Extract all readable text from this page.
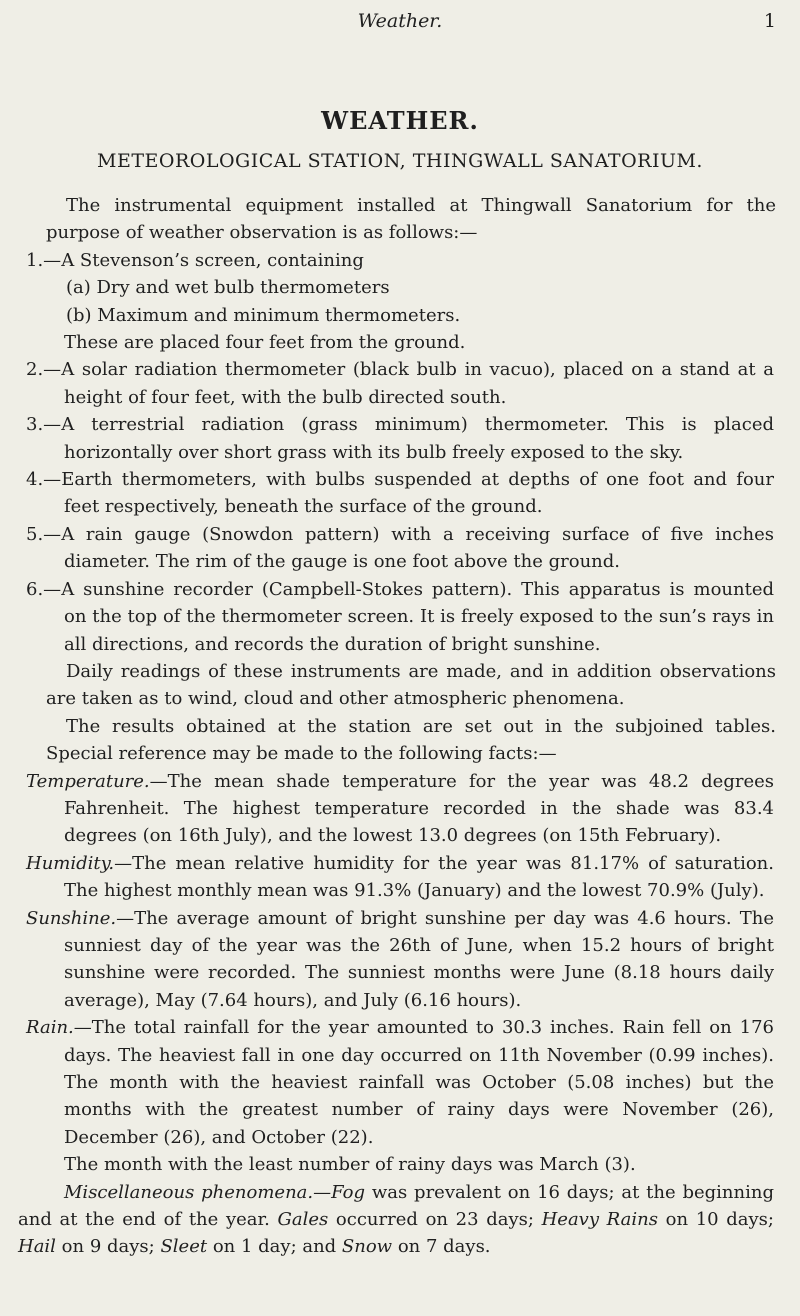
Weather.	1
WEATHER.
METEOROLOGICAL STATION, THINGWALL SANATORIUM.

The instrumental equipment installed at Thingwall Sanatorium for the purpose of weather observation is as follows:—

1.—A Stevenson’s screen, containing

(a) Dry and wet bulb thermometers

(b) Maximum and minimum thermometers.

These are placed four feet from the ground.

2.—A solar radiation thermometer (black bulb in vacuo), placed on a stand at a height of four feet, with the bulb directed south.

3.—A terrestrial radiation (grass minimum) thermometer. This is placed horizontally over short grass with its bulb freely exposed to the sky.

4.—Earth thermometers, with bulbs suspended at depths of one foot and four feet respectively, beneath the surface of the ground.

5.—A rain gauge (Snowdon pattern) with a receiving surface of five inches diameter. The rim of the gauge is one foot above the ground.

6.—A sunshine recorder (Campbell-Stokes pattern). This apparatus is mounted on the top of the thermometer screen. It is freely exposed to the sun’s rays in all directions, and records the duration of bright sunshine.

Daily readings of these instruments are made, and in addition observations are taken as to wind, cloud and other atmospheric phenomena.

The results obtained at the station are set out in the subjoined tables. Special reference may be made to the following facts:—

Temperature.—The mean shade temperature for the year was 48.2 degrees Fahrenheit. The highest temperature recorded in the shade was 83.4 degrees (on 16th July), and the lowest 13.0 degrees (on 15th February).

Humidity.—The mean relative humidity for the year was 81.17% of saturation. The highest monthly mean was 91.3% (January) and the lowest 70.9% (July).

Sunshine.—The average amount of bright sunshine per day was 4.6 hours. The sunniest day of the year was the 26th of June, when 15.2 hours of bright sunshine were recorded. The sunniest months were June (8.18 hours daily average), May (7.64 hours), and July (6.16 hours).

Rain.—The total rainfall for the year amounted to 30.3 inches. Rain fell on 176 days. The heaviest fall in one day occurred on 11th November (0.99 inches). The month with the heaviest rainfall was October (5.08 inches) but the months with the greatest number of rainy days were November (26), December (26), and October (22).

The month with the least number of rainy days was March (3).

Miscellaneous phenomena.—Fog was prevalent on 16 days; at the beginning and at the end of the year. Gales occurred on 23 days; Heavy Rains on 10 days; Hail on 9 days; Sleet on 1 day; and Snow on 7 days.
